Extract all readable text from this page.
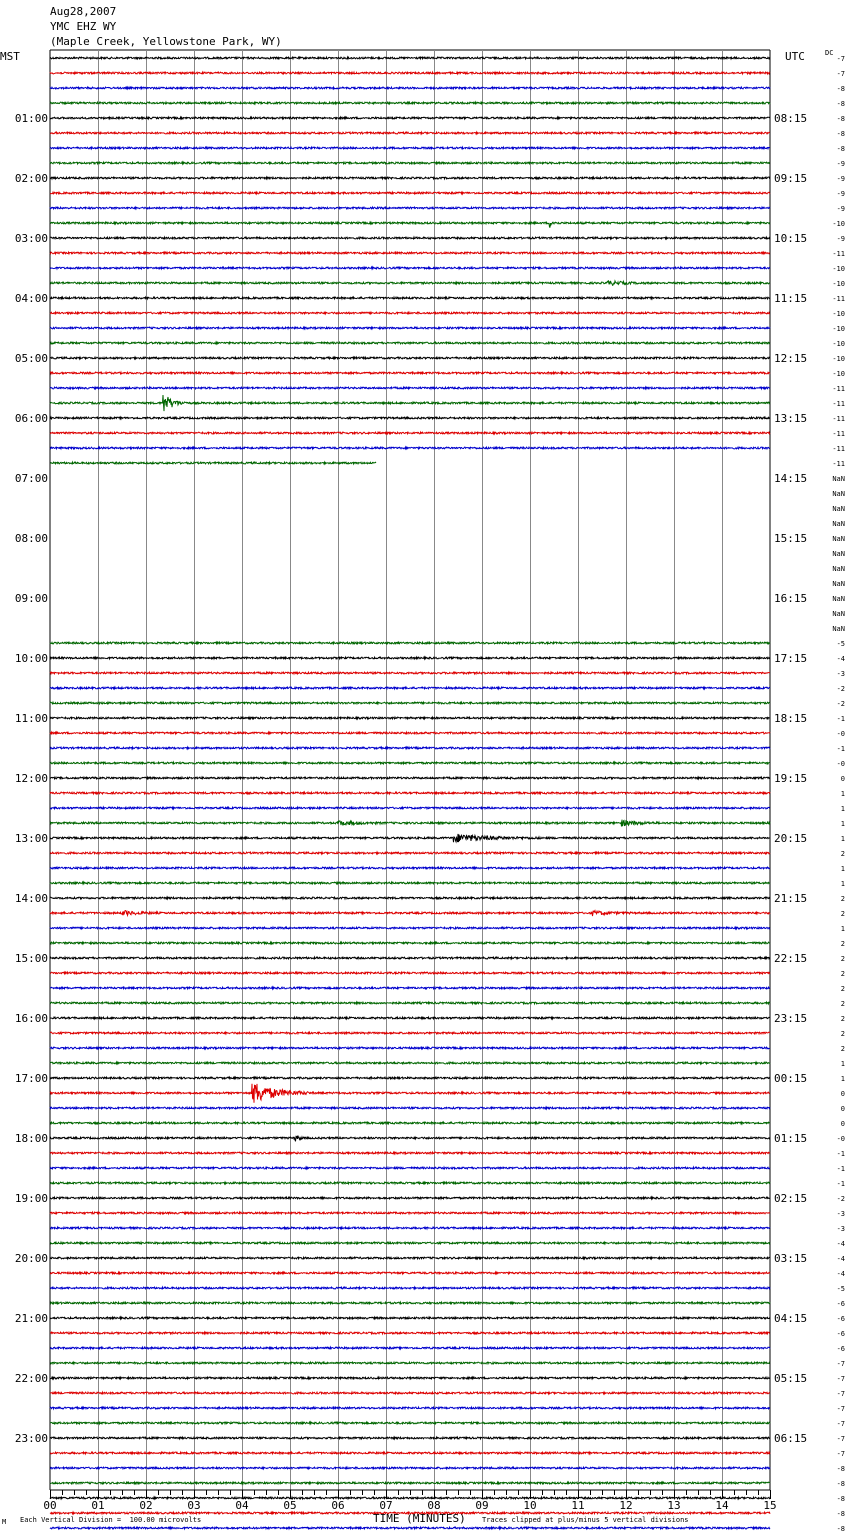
-7
-7
-8
-8
-8
-8
-8
-9
-9
-9
-9
-10
-9
-11
-10
-10
-11
-10
-10
-10
-10
-10
-11
-11
-11
-11
-11
-11
-5
-4
-3
-2
-2
-1
-0
-1
-0
0
1
1
1
1
2
1
1
2
2
1
2
2
2
2
2
2
2
2
1
1
0
0
0
-0
-1
-1
-1
-2
-3
-3
-4
-4
-4
-5
-6
-6
-6
-6
-7
-7
-7
-7
-7
-7
-7
-8
-8
-8
-8
-8
NaN
NaN
NaN
NaN
NaN
NaN
NaN
NaN
NaN
NaN
NaN
01:00
02:00
03:00
04:00
05:00
06:00
07:00
08:00
09:00
10:00
11:00
12:00
13:00
14:00
15:00
16:00
17:00
18:00
19:00
20:00
21:00
22:00
23:00
08:15
09:15
10:15
11:15
12:15
13:15
14:15
15:15
16:15
17:15
18:15
19:15
20:15
21:15
22:15
23:15
00:15
01:15
02:15
03:15
04:15
05:15
06:15
00	01	02	03	04	05	06	07	08	09	10	11	12	13	14	15
Aug28,2007
YMC EHZ WY
(Maple Creek, Yellowstone Park, WY)
MST	UTC	DC
M Each Vertical Division =  100.00 microvolts	TIME (MINUTES) Traces clipped at plus/minus 5 vertical divisions
